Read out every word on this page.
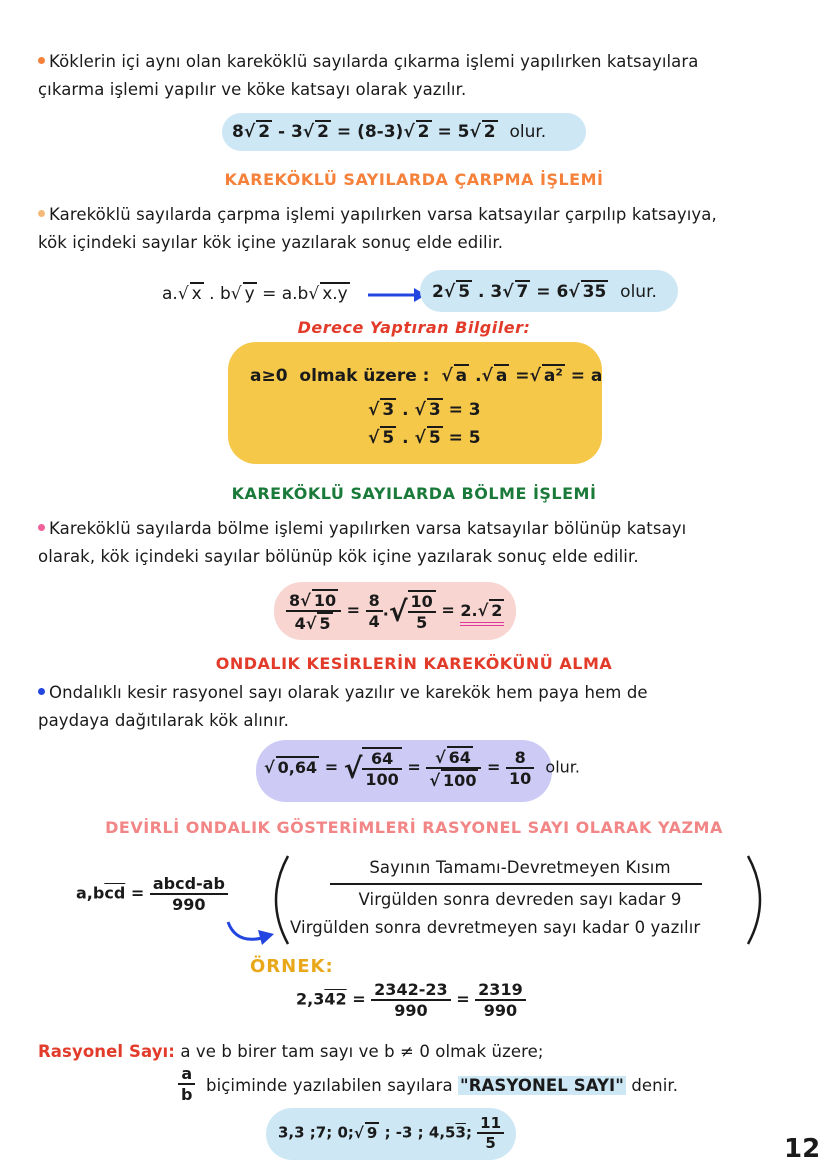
Köklerin içi aynı olan kareköklü sayılarda çıkarma işlemi yapılırken katsayılara
çıkarma işlemi yapılır ve köke katsayı olarak yazılır.
8 √ 2 - 3 √ 2 = (8-3) √ 2 = 5 √ 2 olur.
KAREKÖKLÜ SAYILARDA ÇARPMA İŞLEMİ
Kareköklü sayılarda çarpma işlemi yapılırken varsa katsayılar çarpılıp katsayıya,
kök içindeki sayılar kök içine yazılarak sonuç elde edilir.
a. √ x . b √ y = a.b √ x.y	2 √ 5 . 3 √ 7 = 6 √ 35 olur.
Derece Yaptıran Bilgiler:
a≥0 olmak üzere : √ a . √ a = √ a² = a
√ 3 . √ 3 = 3
√ 5 . √ 5 = 5
KAREKÖKLÜ SAYILARDA BÖLME İŞLEMİ
Kareköklü sayılarda bölme işlemi yapılırken varsa katsayılar bölünüp katsayı
olarak, kök içindeki sayılar bölünüp kök içine yazılarak sonuç elde edilir.
$\frac{8 √ 10}{4 √ 5} = \frac{8}{4}$ . √ $\frac{10}{5} = 2$. √ 2
ONDALIK KESİRLERİN KAREKÖKÜNÜ ALMA
Ondalıklı kesir rasyonel sayı olarak yazılır ve karekök hem paya hem de
paydaya dağıtılarak kök alınır.
√ 0,64 = √ $\frac{64}{100}$ = √ 64
√ $100 = \frac{8}{10}$ olur.
DEVİRLİ ONDALIK GÖSTERİMLERİ RASYONEL SAYI OLARAK YAZMA
$a,b\overline{cd} = \frac{\text{abcd-ab}}{990}$
Sayının Tamamı-Devretmeyen Kısım
Virgülden sonra devreden sayı kadar 9
Virgülden sonra devretmeyen sayı kadar 0 yazılır
ÖRNEK:
$2,342 = \frac{2342-23}{990} = \frac{2319}{990}$
Rasyonel Sayı: a ve b birer tam sayı ve b ≠ 0 olmak üzere;
$\frac{a}{b}$ biçiminde yazılabilen sayılara "RASYONEL SAYI" denir.
3,3 ;7; 0; √ 9 ; -3 ; 4,53; $\frac{11}{5}$	12
